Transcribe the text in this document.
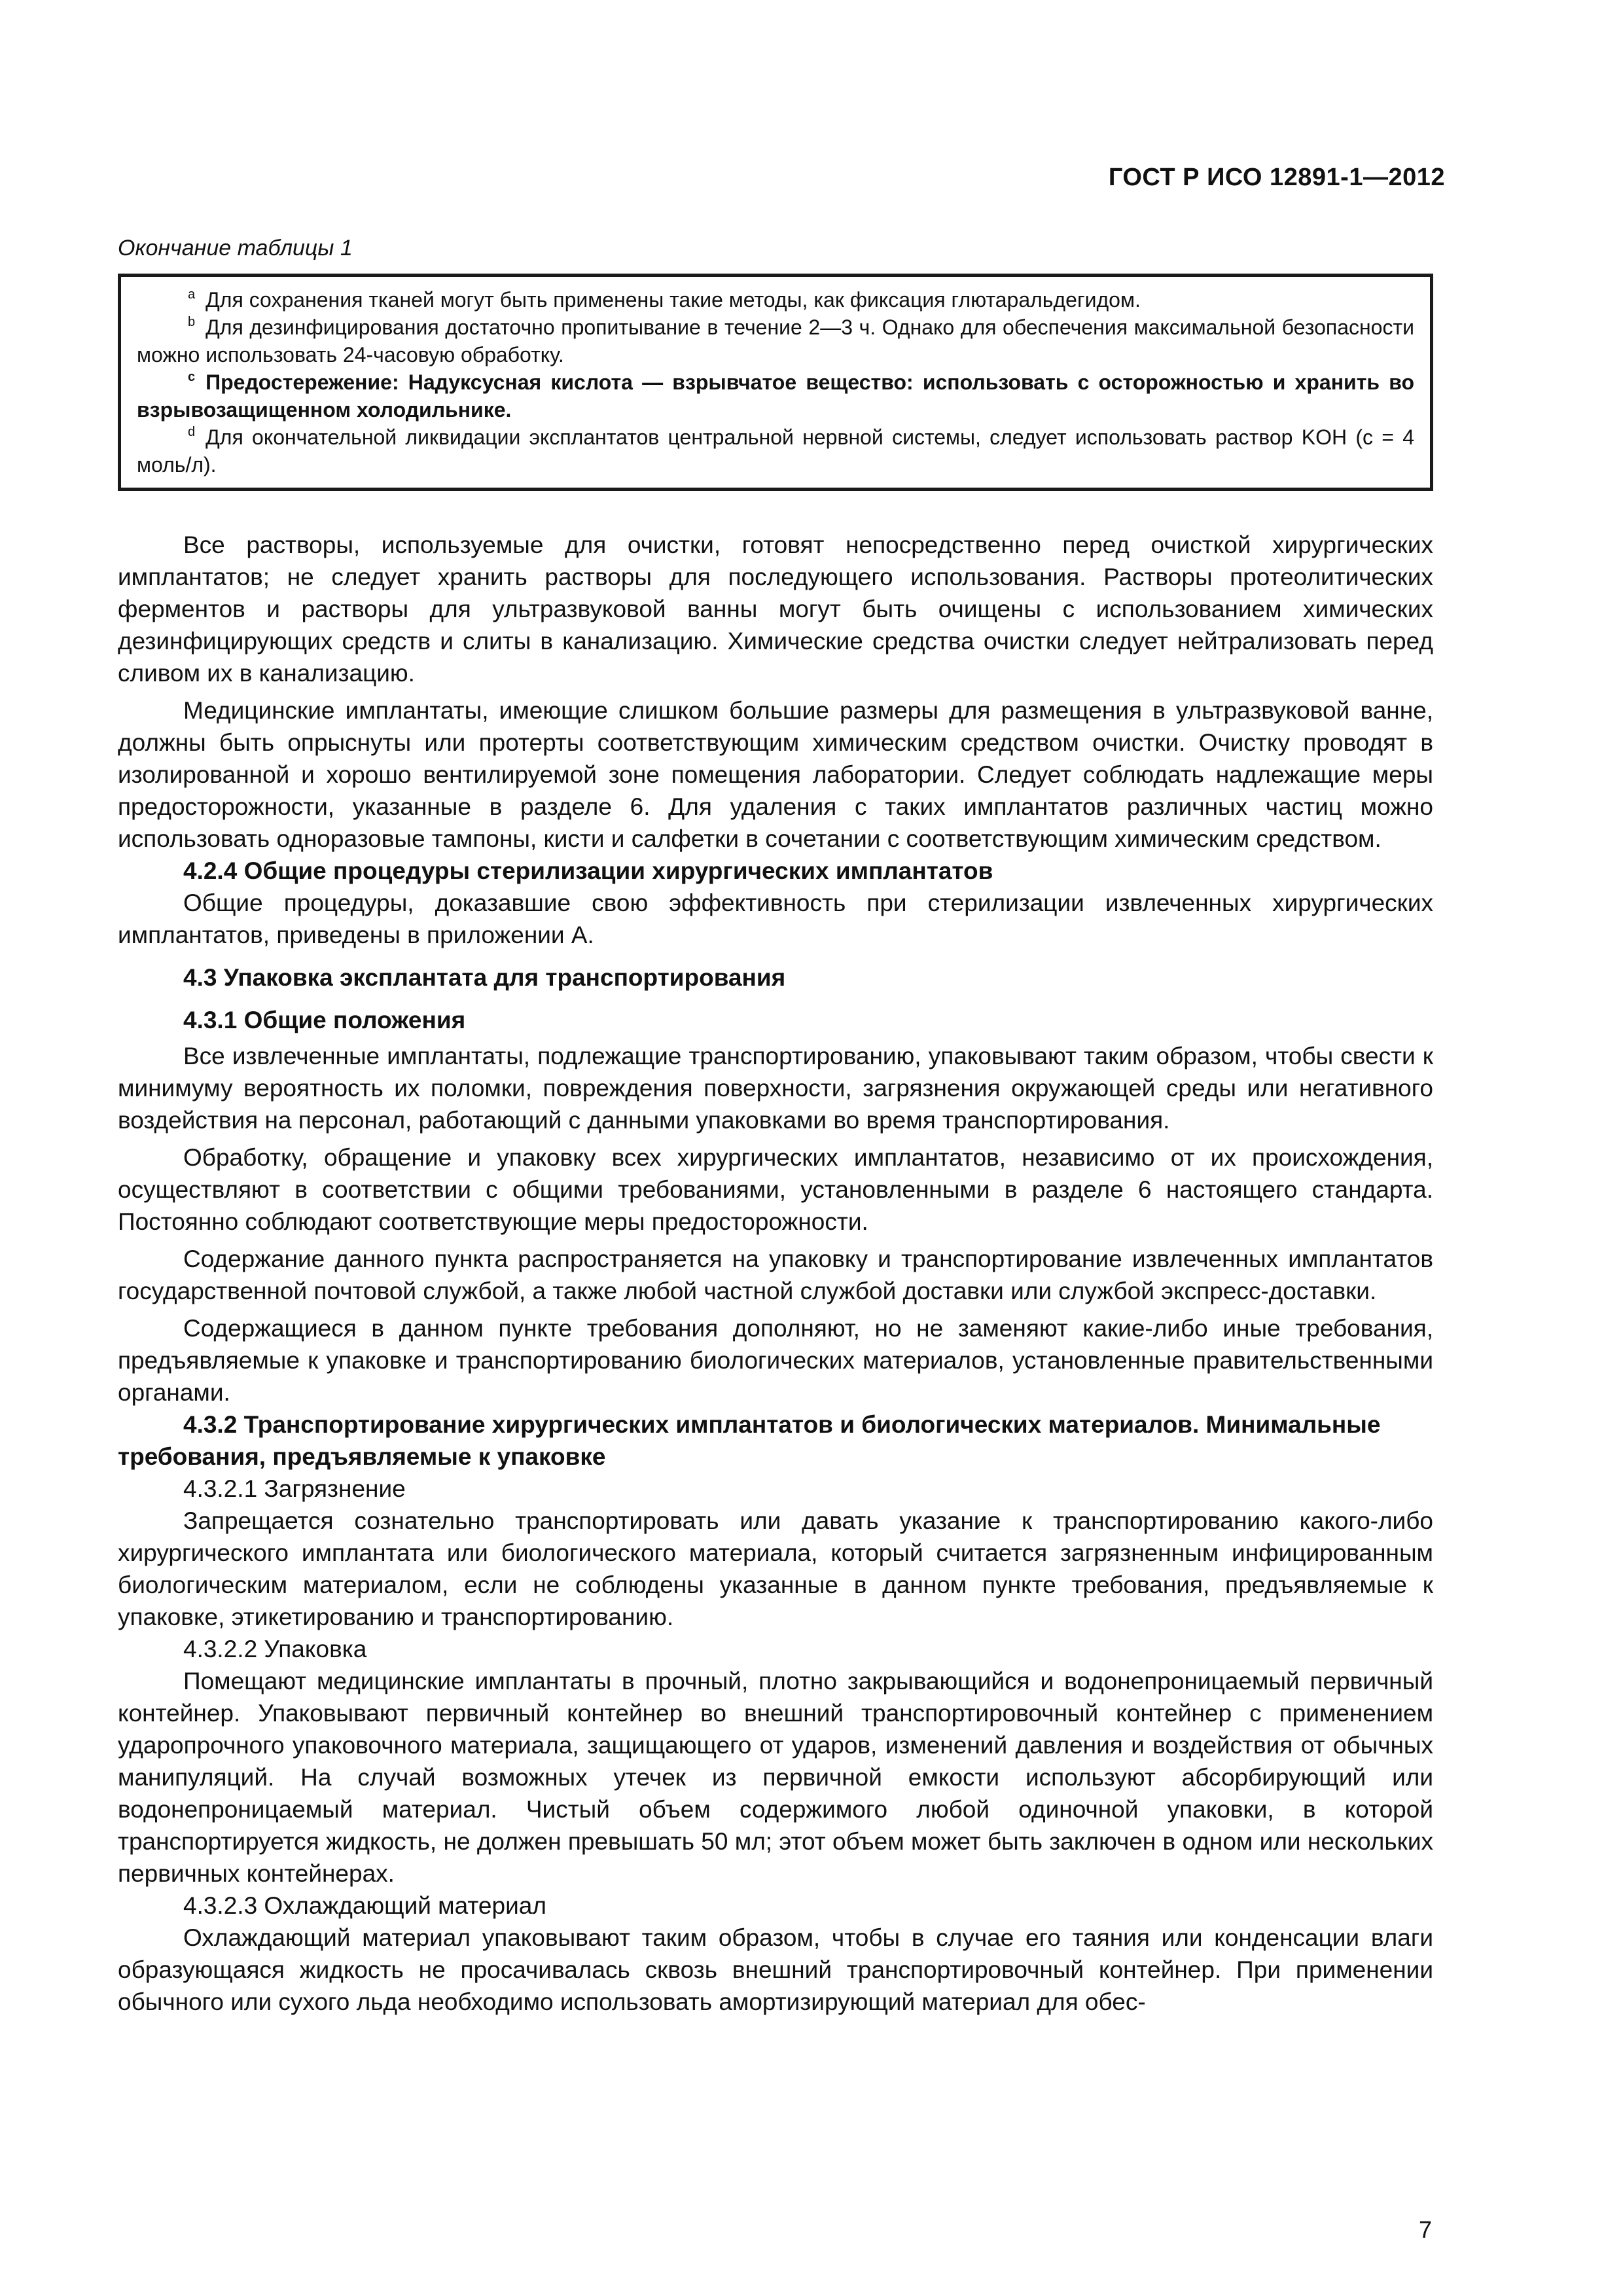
ГОСТ Р ИСО 12891-1—2012
Окончание таблицы 1

$^a$ Для сохранения тканей могут быть применены такие методы, как фиксация глютаральдегидом.

$^b$ Для дезинфицирования достаточно пропитывание в течение 2—3 ч. Однако для обеспечения максимальной безопасности можно использовать 24-часовую обработку.

$^c$ Предостережение: Надуксусная кислота — взрывчатое вещество: использовать с осторожностью и хранить во взрывозащищенном холодильнике.

$^d$ Для окончательной ликвидации эксплантатов центральной нервной системы, следует использовать раствор KOH (c = 4 моль/л).

Все растворы, используемые для очистки, готовят непосредственно перед очисткой хирургических имплантатов; не следует хранить растворы для последующего использования. Растворы протеолитических ферментов и растворы для ультразвуковой ванны могут быть очищены с использованием химических дезинфицирующих средств и слиты в канализацию. Химические средства очистки следует нейтрализовать перед сливом их в канализацию.

Медицинские имплантаты, имеющие слишком большие размеры для размещения в ультразвуковой ванне, должны быть опрыснуты или протерты соответствующим химическим средством очистки. Очистку проводят в изолированной и хорошо вентилируемой зоне помещения лаборатории. Следует соблюдать надлежащие меры предосторожности, указанные в разделе 6. Для удаления с таких имплантатов различных частиц можно использовать одноразовые тампоны, кисти и салфетки в сочетании с соответствующим химическим средством.

4.2.4 Общие процедуры стерилизации хирургических имплантатов

Общие процедуры, доказавшие свою эффективность при стерилизации извлеченных хирургических имплантатов, приведены в приложении А.

4.3 Упаковка эксплантата для транспортирования

4.3.1 Общие положения

Все извлеченные имплантаты, подлежащие транспортированию, упаковывают таким образом, чтобы свести к минимуму вероятность их поломки, повреждения поверхности, загрязнения окружающей среды или негативного воздействия на персонал, работающий с данными упаковками во время транспортирования.

Обработку, обращение и упаковку всех хирургических имплантатов, независимо от их происхождения, осуществляют в соответствии с общими требованиями, установленными в разделе 6 настоящего стандарта. Постоянно соблюдают соответствующие меры предосторожности.

Содержание данного пункта распространяется на упаковку и транспортирование извлеченных имплантатов государственной почтовой службой, а также любой частной службой доставки или службой экспресс-доставки.

Содержащиеся в данном пункте требования дополняют, но не заменяют какие-либо иные требования, предъявляемые к упаковке и транспортированию биологических материалов, установленные правительственными органами.

4.3.2 Транспортирование хирургических имплантатов и биологических материалов. Минимальные требования, предъявляемые к упаковке

4.3.2.1 Загрязнение

Запрещается сознательно транспортировать или давать указание к транспортированию какого-либо хирургического имплантата или биологического материала, который считается загрязненным инфицированным биологическим материалом, если не соблюдены указанные в данном пункте требования, предъявляемые к упаковке, этикетированию и транспортированию.

4.3.2.2 Упаковка

Помещают медицинские имплантаты в прочный, плотно закрывающийся и водонепроницаемый первичный контейнер. Упаковывают первичный контейнер во внешний транспортировочный контейнер с применением ударопрочного упаковочного материала, защищающего от ударов, изменений давления и воздействия от обычных манипуляций. На случай возможных утечек из первичной емкости используют абсорбирующий или водонепроницаемый материал. Чистый объем содержимого любой одиночной упаковки, в которой транспортируется жидкость, не должен превышать 50 мл; этот объем может быть заключен в одном или нескольких первичных контейнерах.

4.3.2.3 Охлаждающий материал

Охлаждающий материал упаковывают таким образом, чтобы в случае его таяния или конденсации влаги образующаяся жидкость не просачивалась сквозь внешний транспортировочный контейнер. При применении обычного или сухого льда необходимо использовать амортизирующий материал для обес-

7
